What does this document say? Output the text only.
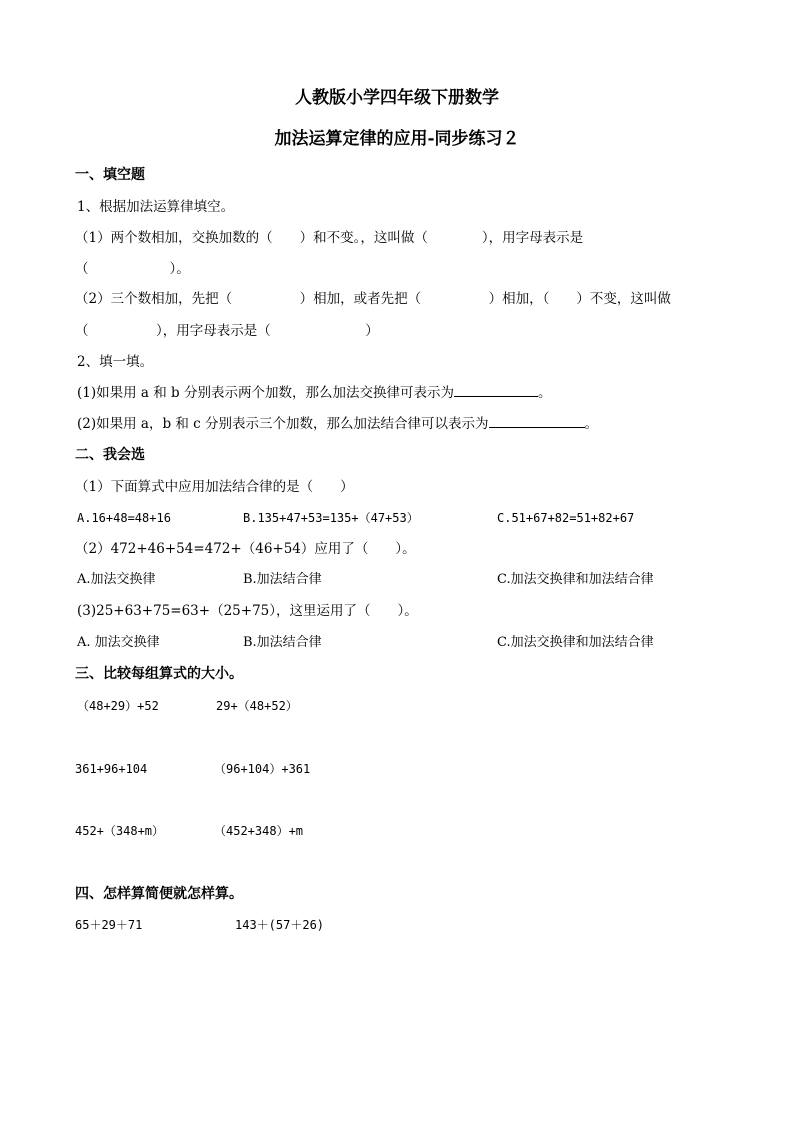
人教版小学四年级下册数学
加法运算定律的应用-同步练习２
一、填空题
1、根据加法运算律填空。
（1）两个数相加，交换加数的（　　）和不变。，这叫做（　　　　），用字母表示是
（　　　　　　）。
（2）三个数相加，先把（　　　　　）相加，或者先把（　　　　　）相加，（　　）不变，这叫做
（　　　　　），用字母表示是（　　　　　　　）
2、填一填。
(1)如果用 a 和 b 分别表示两个加数，那么加法交换律可表示为	。
(2)如果用 a，b 和 c 分别表示三个加数，那么加法结合律可以表示为	。
二、我会选
（1）下面算式中应用加法结合律的是（　　）
A.16+48=48+16	B.135+47+53=135+（47+53）	C.51+67+82=51+82+67
（2）472+46+54=472+（46+54）应用了（　　）。
A.加法交换律	B.加法结合律	C.加法交换律和加法结合律
(3)25+63+75=63+（25+75），这里运用了（　　）。
A. 加法交换律	B.加法结合律	C.加法交换律和加法结合律
三、比较每组算式的大小。
（48+29）+52	29+（48+52）
361+96+104	（96+104）+361
452+（348+m）	（452+348）+m
四、怎样算简便就怎样算。
65＋29＋71	143＋(57＋26)
